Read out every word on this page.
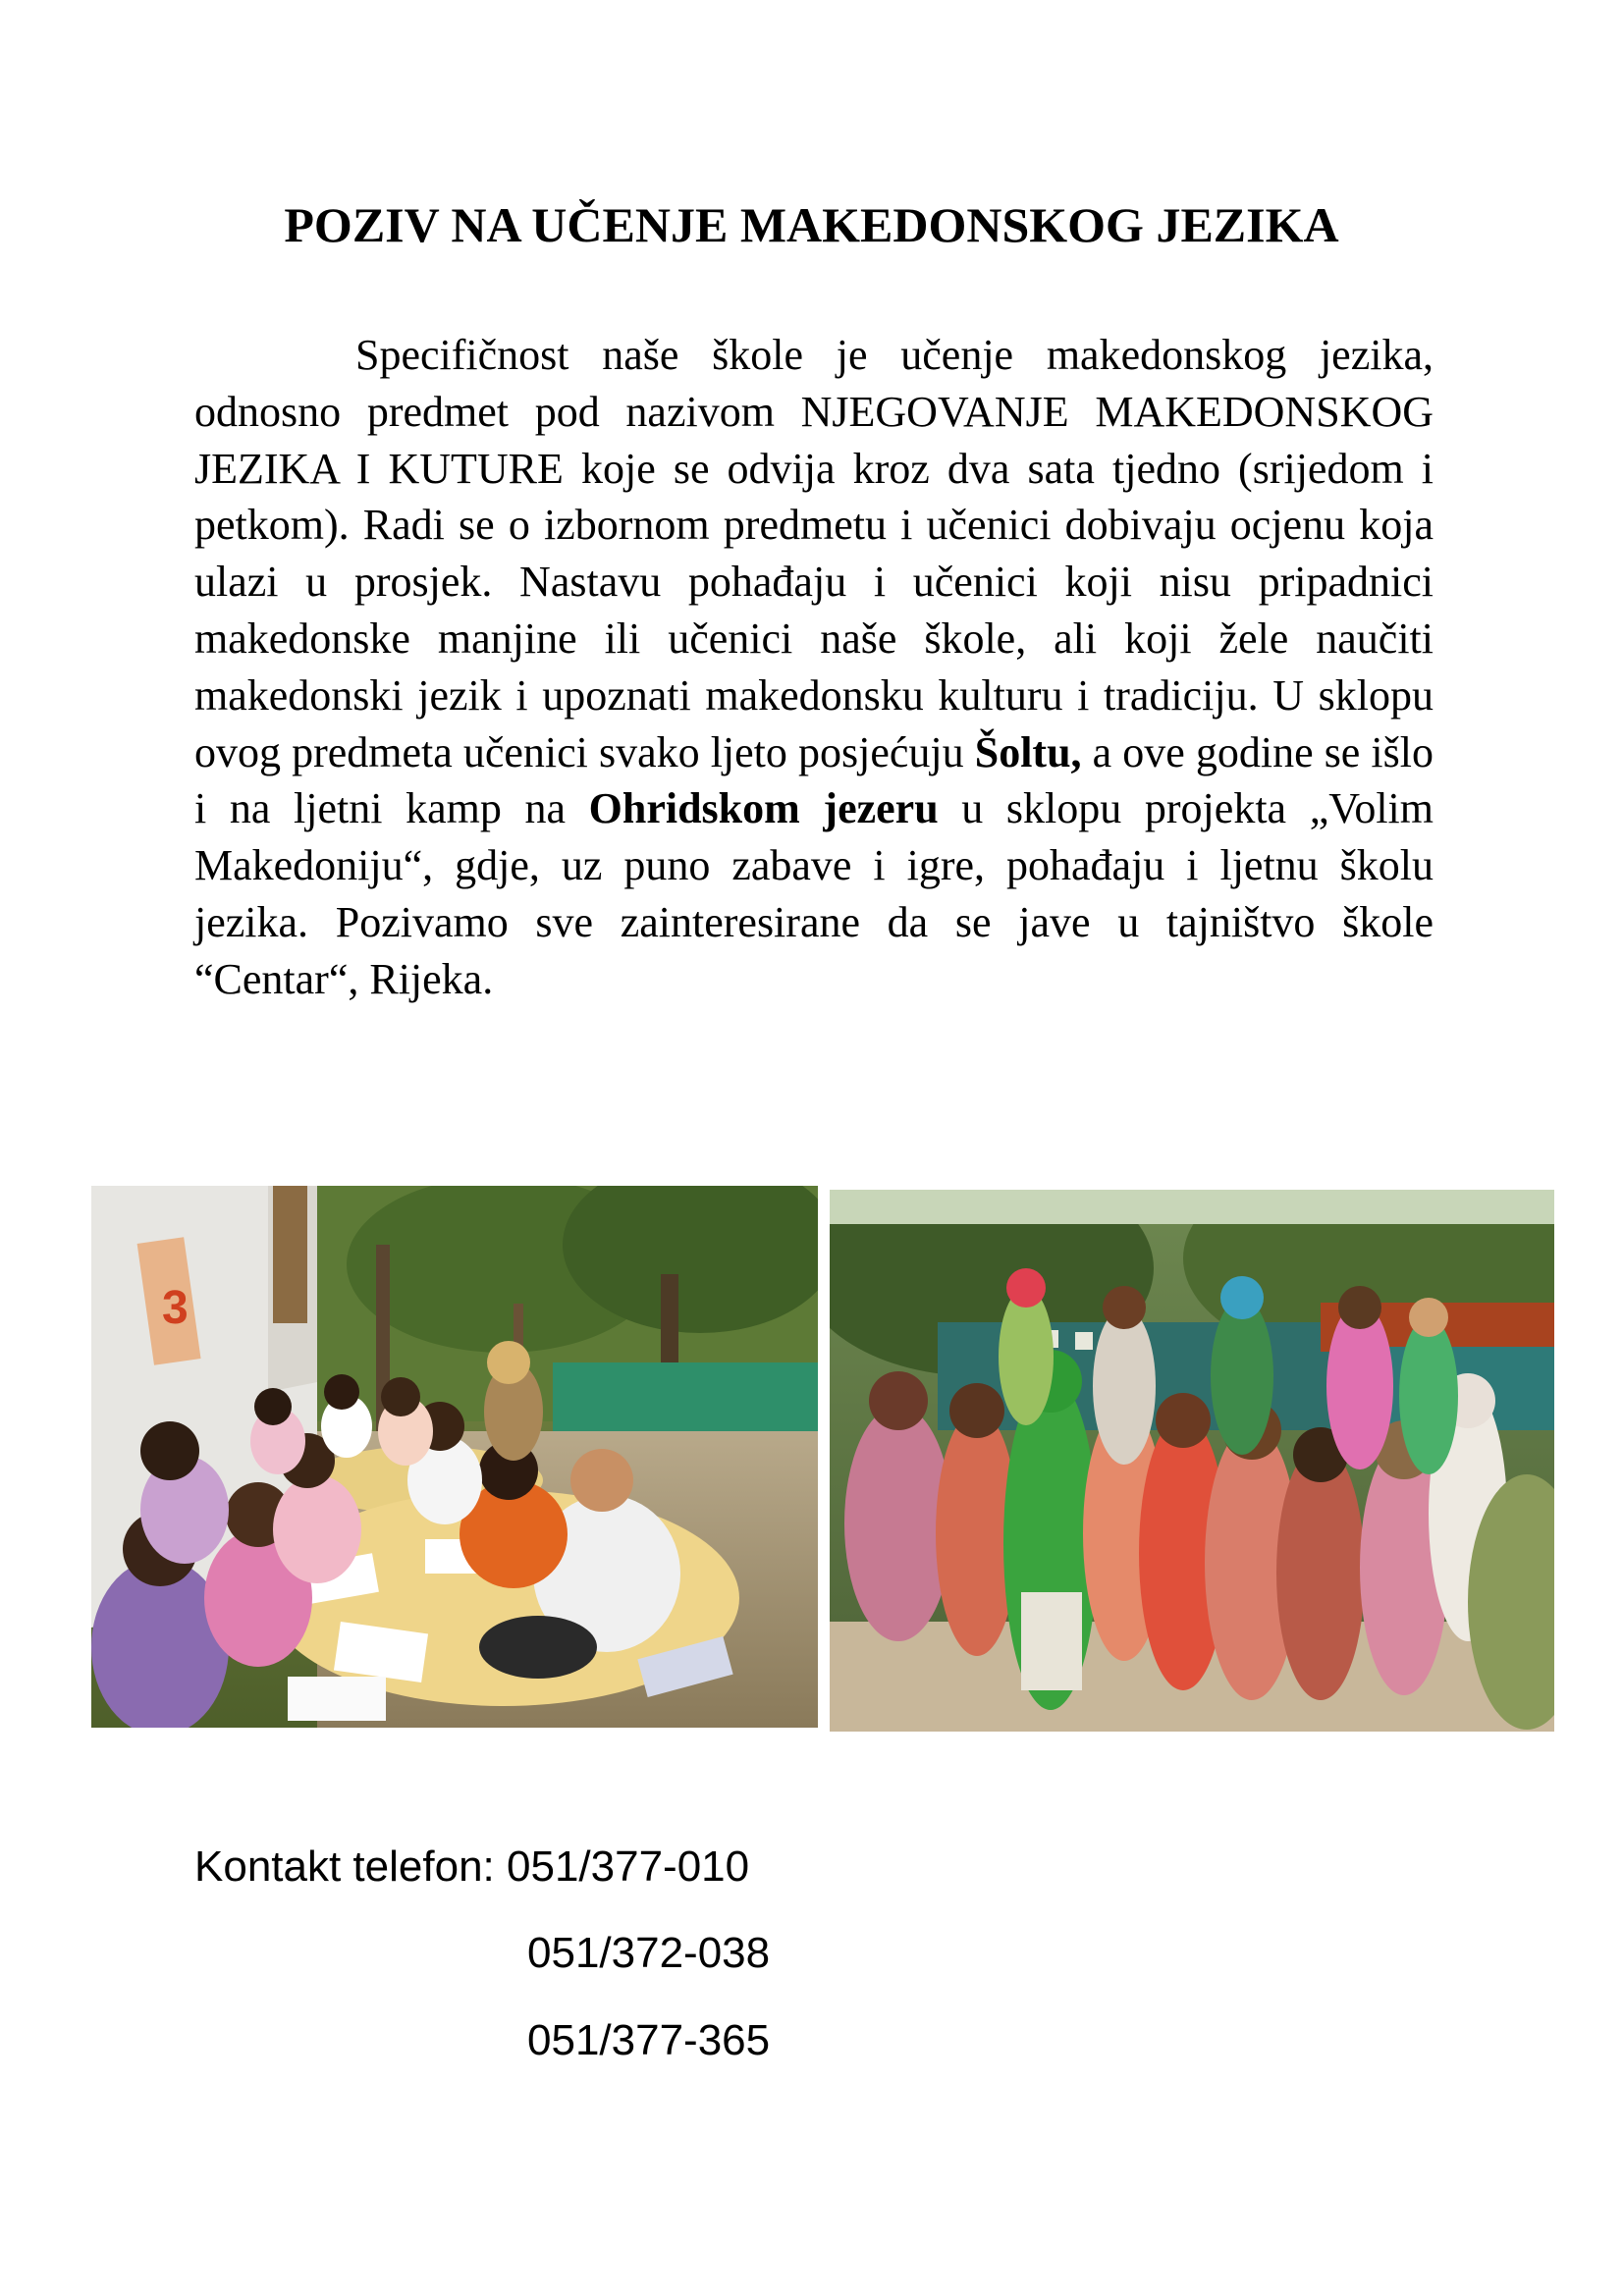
POZIV NA UČENJE MAKEDONSKOG JEZIKA

Specifičnost naše škole je učenje makedonskog jezika, odnosno predmet pod nazivom NJEGOVANJE MAKEDONSKOG JEZIKA I KUTURE koje se odvija kroz dva sata tjedno (srijedom i petkom). Radi se o izbornom predmetu i učenici dobivaju ocjenu koja ulazi u prosjek. Nastavu pohađaju i učenici koji nisu pripadnici makedonske manjine ili učenici naše škole, ali koji žele naučiti makedonski jezik i upoznati makedonsku kulturu i tradiciju. U sklopu ovog predmeta učenici svako ljeto posjećuju Šoltu, a ove godine se išlo i na ljetni kamp na Ohridskom jezeru u sklopu projekta „Volim Makedoniju“, gdje, uz puno zabave i igre, pohađaju i ljetnu školu jezika. Pozivamo sve zainteresirane da se jave u tajništvo škole “Centar“, Rijeka.

3
Kontakt telefon: 051/377-010
051/372-038
051/377-365
